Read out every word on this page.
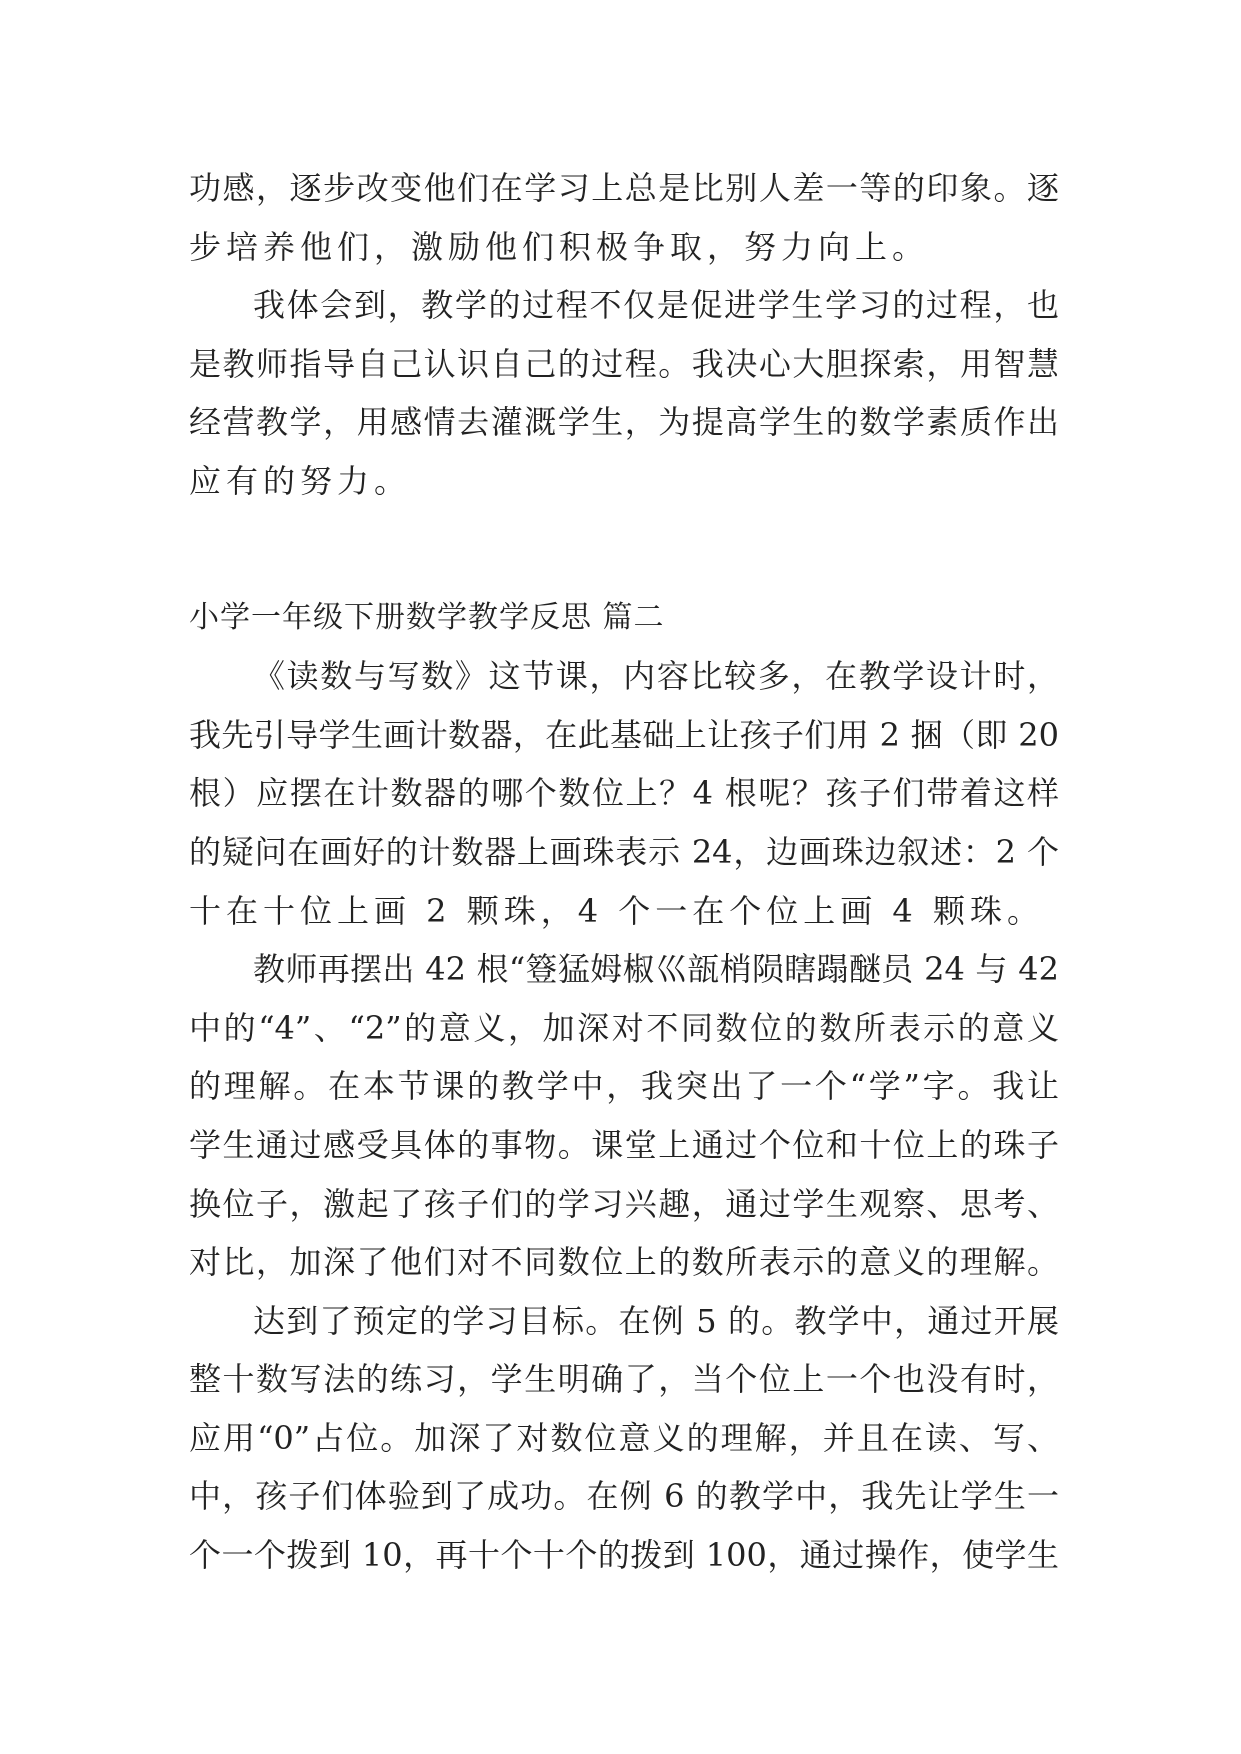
功感，逐步改变他们在学习上总是比别人差一等的印象。逐
步培养他们，激励他们积极争取，努力向上。
我体会到，教学的过程不仅是促进学生学习的过程，也
是教师指导自己认识自己的过程。我决心大胆探索，用智慧
经营教学，用感情去灌溉学生，为提高学生的数学素质作出
应有的努力。
小学一年级下册数学教学反思 篇二
《读数与写数》这节课，内容比较多，在教学设计时，
我先引导学生画计数器，在此基础上让孩子们用 2 捆（即 20
根）应摆在计数器的哪个数位上？4 根呢？孩子们带着这样
的疑问在画好的计数器上画珠表示 24，边画珠边叙述：2 个
十在十位上画 2 颗珠，4 个一在个位上画 4 颗珠。
教师再摆出 42 根“簦猛姆椒巛瓿梢陨瞎蹋醚员 24 与 42
中的“4”、“2”的意义，加深对不同数位的数所表示的意义
的理解。在本节课的教学中，我突出了一个“学”字。我让
学生通过感受具体的事物。课堂上通过个位和十位上的珠子
换位子，激起了孩子们的学习兴趣，通过学生观察、思考、
对比，加深了他们对不同数位上的数所表示的意义的理解。
达到了预定的学习目标。在例 5 的。教学中，通过开展
整十数写法的练习，学生明确了，当个位上一个也没有时，
应用“0”占位。加深了对数位意义的理解，并且在读、写、
中，孩子们体验到了成功。在例 6 的教学中，我先让学生一
个一个拨到 10，再十个十个的拨到 100，通过操作，使学生
